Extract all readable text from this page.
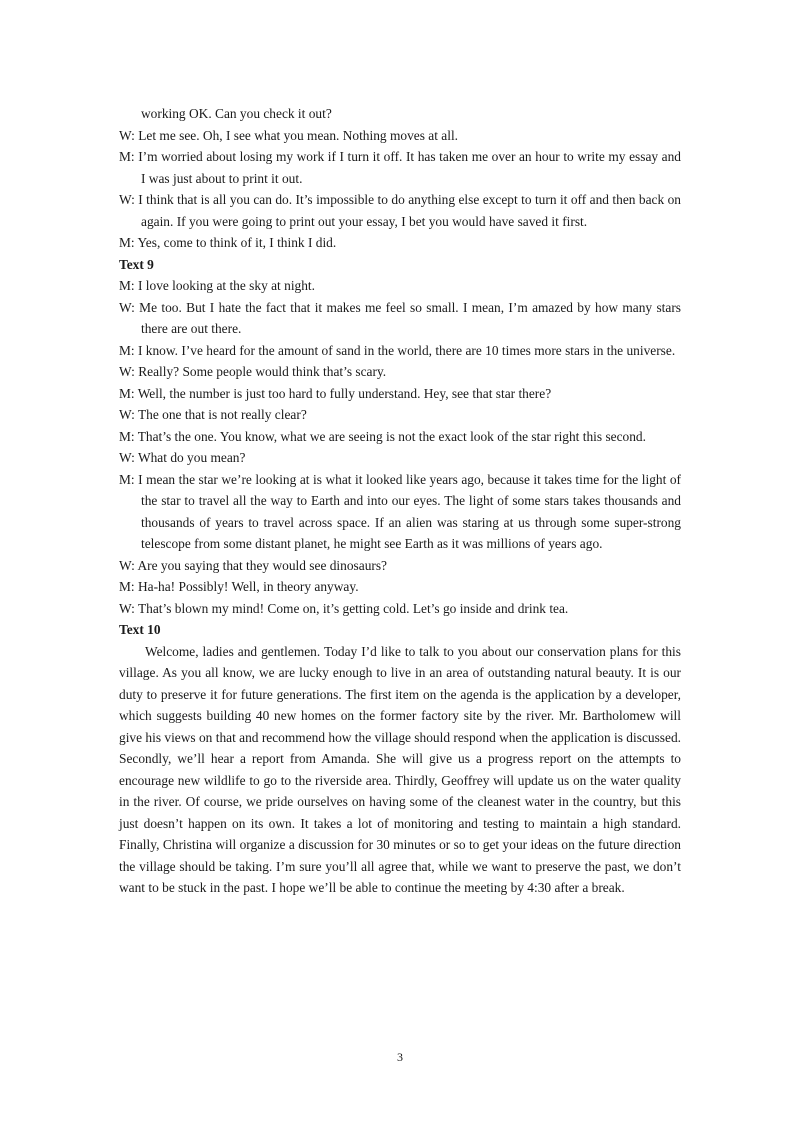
working OK. Can you check it out?

W: Let me see. Oh, I see what you mean. Nothing moves at all.

M: I’m worried about losing my work if I turn it off. It has taken me over an hour to write my essay and I was just about to print it out.

W: I think that is all you can do. It’s impossible to do anything else except to turn it off and then back on again. If you were going to print out your essay, I bet you would have saved it first.

M: Yes, come to think of it, I think I did.

Text 9

M: I love looking at the sky at night.

W: Me too. But I hate the fact that it makes me feel so small. I mean, I’m amazed by how many stars there are out there.

M: I know. I’ve heard for the amount of sand in the world, there are 10 times more stars in the universe.

W: Really? Some people would think that’s scary.

M: Well, the number is just too hard to fully understand. Hey, see that star there?

W: The one that is not really clear?

M: That’s the one. You know, what we are seeing is not the exact look of the star right this second.

W: What do you mean?

M: I mean the star we’re looking at is what it looked like years ago, because it takes time for the light of the star to travel all the way to Earth and into our eyes. The light of some stars takes thousands and thousands of years to travel across space. If an alien was staring at us through some super-strong telescope from some distant planet, he might see Earth as it was millions of years ago.

W: Are you saying that they would see dinosaurs?

M: Ha-ha! Possibly! Well, in theory anyway.

W: That’s blown my mind! Come on, it’s getting cold. Let’s go inside and drink tea.

Text 10

Welcome, ladies and gentlemen. Today I’d like to talk to you about our conservation plans for this village. As you all know, we are lucky enough to live in an area of outstanding natural beauty. It is our duty to preserve it for future generations. The first item on the agenda is the application by a developer, which suggests building 40 new homes on the former factory site by the river. Mr. Bartholomew will give his views on that and recommend how the village should respond when the application is discussed. Secondly, we’ll hear a report from Amanda. She will give us a progress report on the attempts to encourage new wildlife to go to the riverside area. Thirdly, Geoffrey will update us on the water quality in the river. Of course, we pride ourselves on having some of the cleanest water in the country, but this just doesn’t happen on its own. It takes a lot of monitoring and testing to maintain a high standard. Finally, Christina will organize a discussion for 30 minutes or so to get your ideas on the future direction the village should be taking. I’m sure you’ll all agree that, while we want to preserve the past, we don’t want to be stuck in the past. I hope we’ll be able to continue the meeting by 4:30 after a break.

3
